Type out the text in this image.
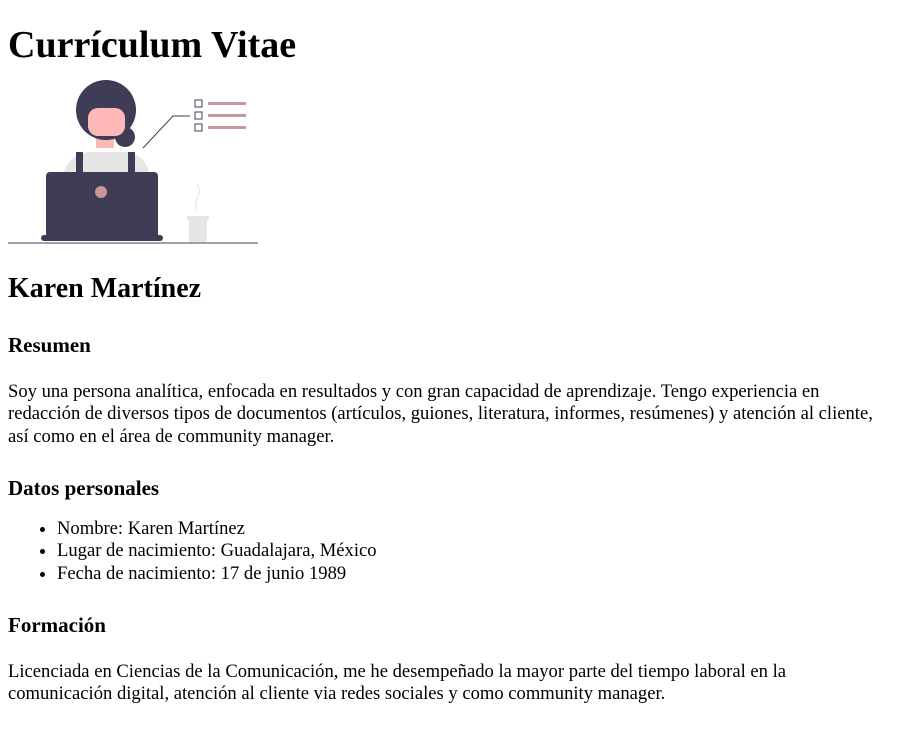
Currículum Vitae
Karen Martínez
Resumen

Soy una persona analítica, enfocada en resultados y con gran capacidad de aprendizaje. Tengo experiencia en redacción de diversos tipos de documentos (artículos, guiones, literatura, informes, resúmenes) y atención al cliente, así como en el área de community manager.

Datos personales
• Nombre: Karen Martínez
• Lugar de nacimiento: Guadalajara, México
• Fecha de nacimiento: 17 de junio 1989
Formación

Licenciada en Ciencias de la Comunicación, me he desempeñado la mayor parte del tiempo laboral en la comunicación digital, atención al cliente via redes sociales y como community manager.
